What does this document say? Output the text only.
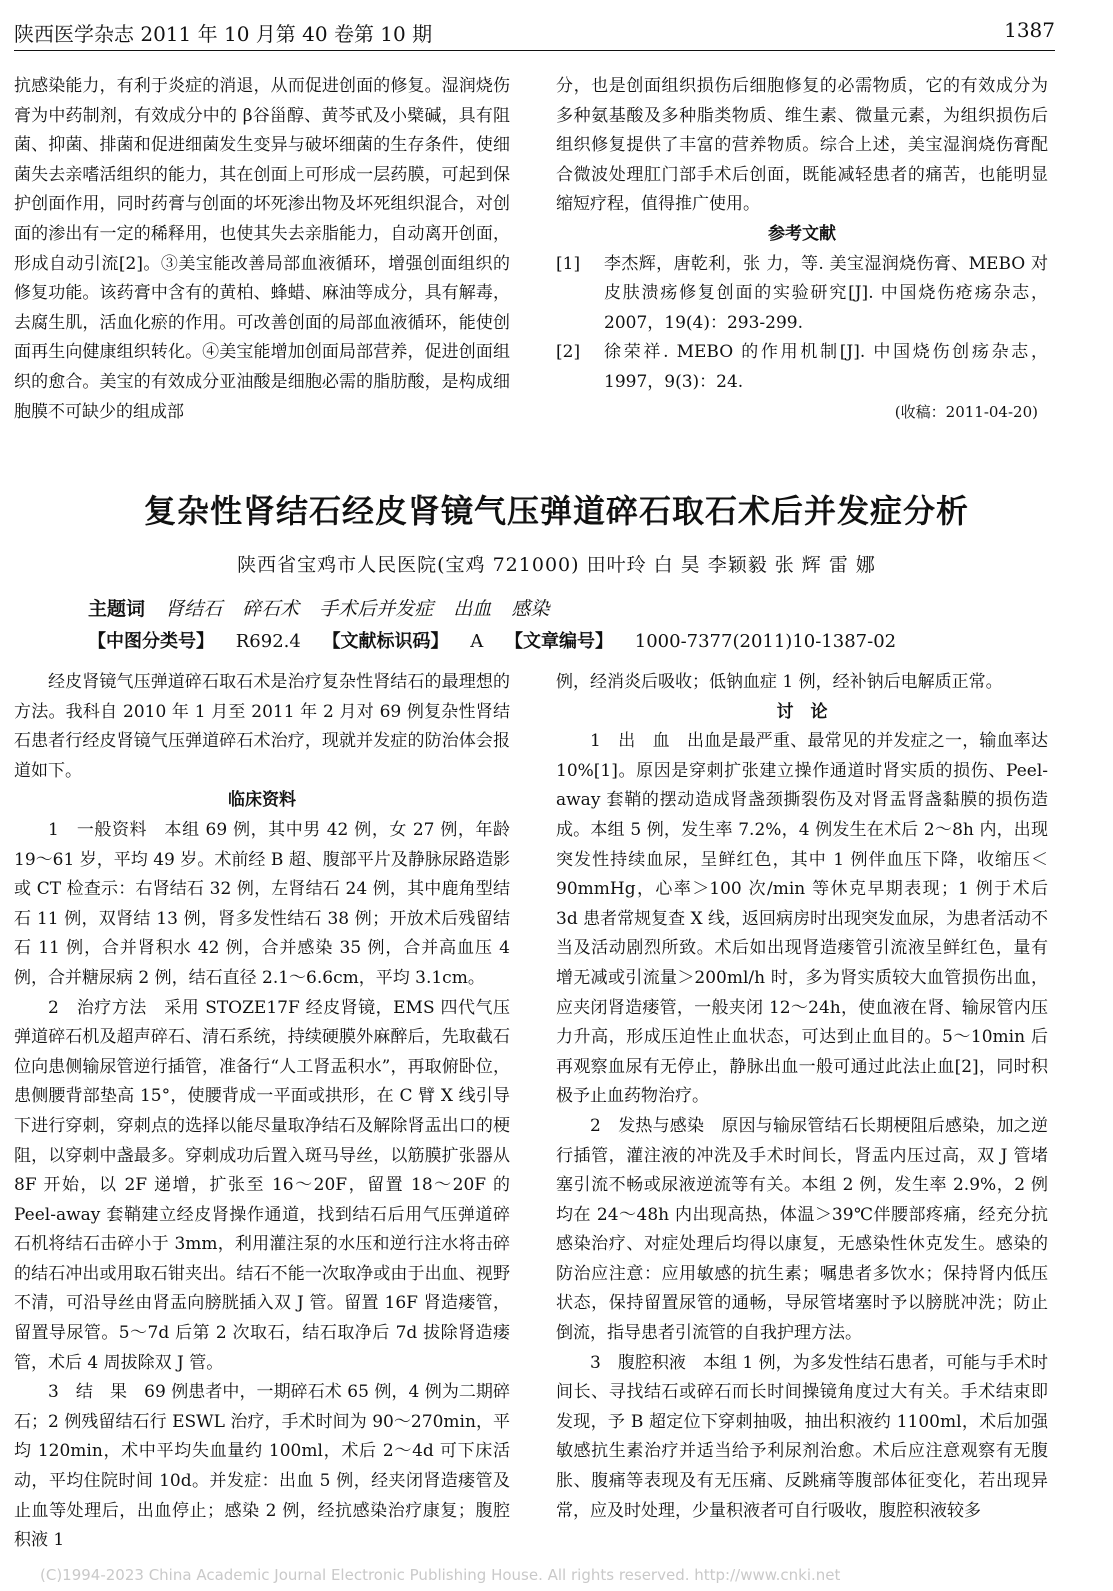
陕西医学杂志 2011 年 10 月第 40 卷第 10 期	1387

抗感染能力，有利于炎症的消退，从而促进创面的修复。湿润烧伤膏为中药制剂，有效成分中的 β谷甾醇、黄芩甙及小檗碱，具有阻菌、抑菌、排菌和促进细菌发生变异与破坏细菌的生存条件，使细菌失去亲嗜活组织的能力，其在创面上可形成一层药膜，可起到保护创面作用，同时药膏与创面的坏死渗出物及坏死组织混合，对创面的渗出有一定的稀释用，也使其失去亲脂能力，自动离开创面，形成自动引流[2]。③美宝能改善局部血液循环，增强创面组织的修复功能。该药膏中含有的黄柏、蜂蜡、麻油等成分，具有解毒，去腐生肌，活血化瘀的作用。可改善创面的局部血液循环，能使创面再生向健康组织转化。④美宝能增加创面局部营养，促进创面组织的愈合。美宝的有效成分亚油酸是细胞必需的脂肪酸，是构成细胞膜不可缺少的组成部

分，也是创面组织损伤后细胞修复的必需物质，它的有效成分为多种氨基酸及多种脂类物质、维生素、微量元素，为组织损伤后组织修复提供了丰富的营养物质。综合上述，美宝湿润烧伤膏配合微波处理肛门部手术后创面，既能减轻患者的痛苦，也能明显缩短疗程，值得推广使用。

参考文献

[1]	李杰辉，唐乾利，张 力，等. 美宝湿润烧伤膏、MEBO 对皮肤溃疡修复创面的实验研究[J]. 中国烧伤疮疡杂志，2007，19(4)：293-299.
[2]	徐荣祥. MEBO 的作用机制[J]. 中国烧伤创疡杂志，1997，9(3)：24.

(收稿：2011-04-20)

复杂性肾结石经皮肾镜气压弹道碎石取石术后并发症分析
陕西省宝鸡市人民医院(宝鸡 721000) 田叶玲 白 昊 李颖毅 张 辉 雷 娜
主题词 肾结石 碎石术 手术后并发症 出血 感染
【中图分类号】 R692.4 【文献标识码】 A 【文章编号】 1000-7377(2011)10-1387-02

经皮肾镜气压弹道碎石取石术是治疗复杂性肾结石的最理想的方法。我科自 2010 年 1 月至 2011 年 2 月对 69 例复杂性肾结石患者行经皮肾镜气压弹道碎石术治疗，现就并发症的防治体会报道如下。

临床资料

1　一般资料　本组 69 例，其中男 42 例，女 27 例，年龄 19～61 岁，平均 49 岁。术前经 B 超、腹部平片及静脉尿路造影或 CT 检查示：右肾结石 32 例，左肾结石 24 例，其中鹿角型结石 11 例，双肾结 13 例，肾多发性结石 38 例；开放术后残留结石 11 例，合并肾积水 42 例，合并感染 35 例，合并高血压 4 例，合并糖尿病 2 例，结石直径 2.1～6.6cm，平均 3.1cm。

2　治疗方法　采用 STOZE17F 经皮肾镜，EMS 四代气压弹道碎石机及超声碎石、清石系统，持续硬膜外麻醉后，先取截石位向患侧输尿管逆行插管，准备行“人工肾盂积水”，再取俯卧位，患侧腰背部垫高 15°，使腰背成一平面或拱形，在 C 臂 X 线引导下进行穿刺，穿刺点的选择以能尽量取净结石及解除肾盂出口的梗阻，以穿刺中盏最多。穿刺成功后置入斑马导丝，以筋膜扩张器从 8F 开始，以 2F 递增，扩张至 16～20F，留置 18～20F 的 Peel-away 套鞘建立经皮肾操作通道，找到结石后用气压弹道碎石机将结石击碎小于 3mm，利用灌注泵的水压和逆行注水将击碎的结石冲出或用取石钳夹出。结石不能一次取净或由于出血、视野不清，可沿导丝由肾盂向膀胱插入双 J 管。留置 16F 肾造瘘管，留置导尿管。5～7d 后第 2 次取石，结石取净后 7d 拔除肾造瘘管，术后 4 周拔除双 J 管。

3　结　果　69 例患者中，一期碎石术 65 例，4 例为二期碎石；2 例残留结石行 ESWL 治疗，手术时间为 90～270min，平均 120min，术中平均失血量约 100ml，术后 2～4d 可下床活动，平均住院时间 10d。并发症：出血 5 例，经夹闭肾造瘘管及止血等处理后，出血停止；感染 2 例，经抗感染治疗康复；腹腔积液 1

例，经消炎后吸收；低钠血症 1 例，经补钠后电解质正常。

讨　论

1　出　血　出血是最严重、最常见的并发症之一，输血率达 10%[1]。原因是穿刺扩张建立操作通道时肾实质的损伤、Peel-away 套鞘的摆动造成肾盏颈撕裂伤及对肾盂肾盏黏膜的损伤造成。本组 5 例，发生率 7.2%，4 例发生在术后 2～8h 内，出现突发性持续血尿，呈鲜红色，其中 1 例伴血压下降，收缩压＜90mmHg，心率＞100 次/min 等休克早期表现；1 例于术后 3d 患者常规复查 X 线，返回病房时出现突发血尿，为患者活动不当及活动剧烈所致。术后如出现肾造瘘管引流液呈鲜红色，量有增无减或引流量＞200ml/h 时，多为肾实质较大血管损伤出血，应夹闭肾造瘘管，一般夹闭 12～24h，使血液在肾、输尿管内压力升高，形成压迫性止血状态，可达到止血目的。5～10min 后再观察血尿有无停止，静脉出血一般可通过此法止血[2]，同时积极予止血药物治疗。

2　发热与感染　原因与输尿管结石长期梗阻后感染，加之逆行插管，灌注液的冲洗及手术时间长，肾盂内压过高，双 J 管堵塞引流不畅或尿液逆流等有关。本组 2 例，发生率 2.9%，2 例均在 24～48h 内出现高热，体温＞39℃伴腰部疼痛，经充分抗感染治疗、对症处理后均得以康复，无感染性休克发生。感染的防治应注意：应用敏感的抗生素；嘱患者多饮水；保持肾内低压状态，保持留置尿管的通畅，导尿管堵塞时予以膀胱冲洗；防止倒流，指导患者引流管的自我护理方法。

3　腹腔积液　本组 1 例，为多发性结石患者，可能与手术时间长、寻找结石或碎石而长时间操镜角度过大有关。手术结束即发现，予 B 超定位下穿刺抽吸，抽出积液约 1100ml，术后加强敏感抗生素治疗并适当给予利尿剂治愈。术后应注意观察有无腹胀、腹痛等表现及有无压痛、反跳痛等腹部体征变化，若出现异常，应及时处理，少量积液者可自行吸收，腹腔积液较多

(C)1994-2023 China Academic Journal Electronic Publishing House. All rights reserved. http://www.cnki.net
